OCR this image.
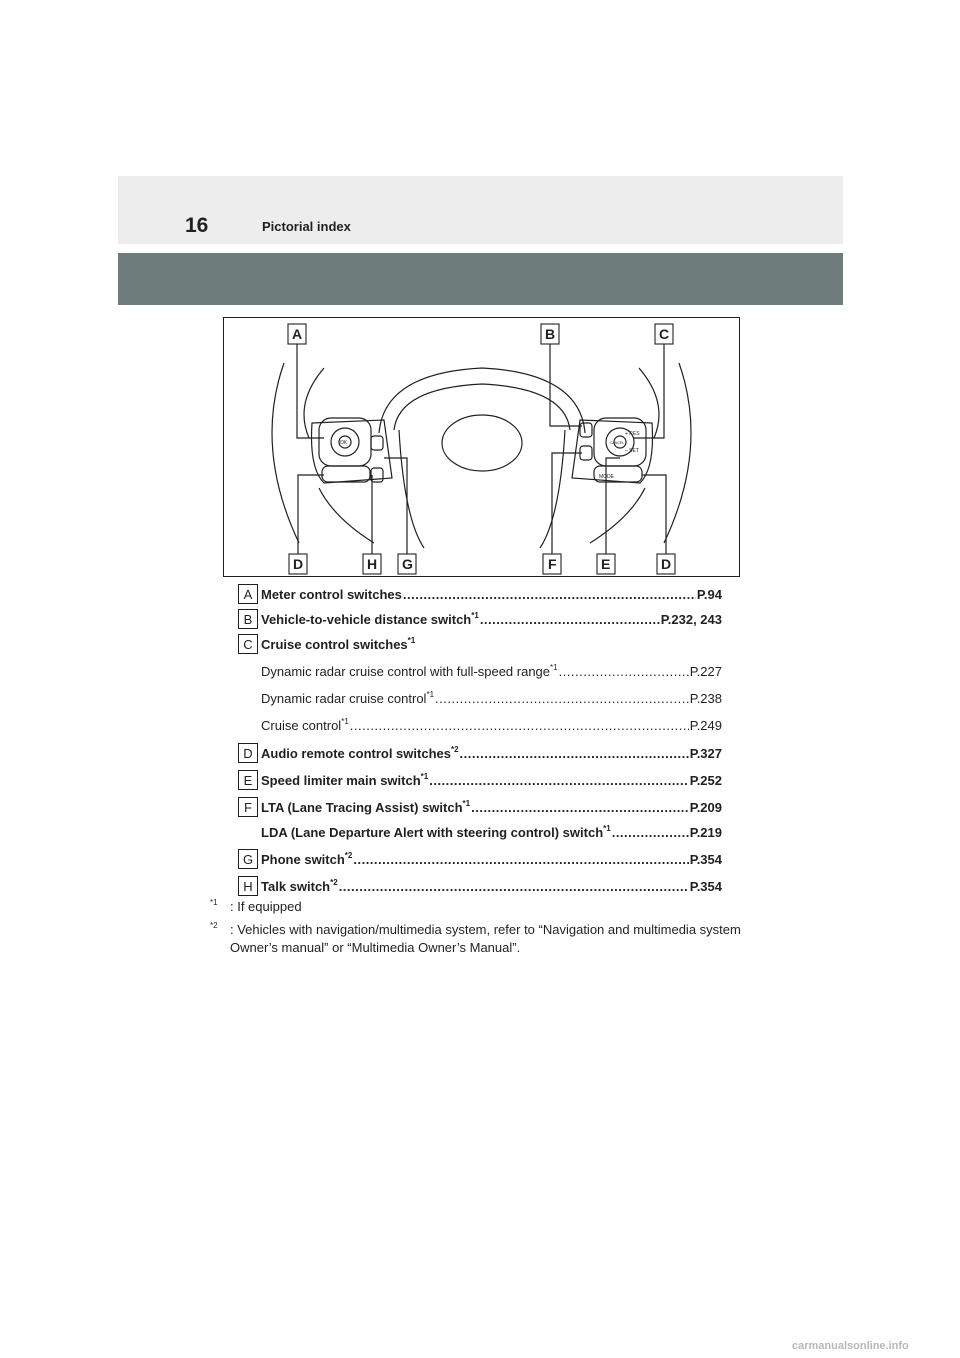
16	Pictorial index
OK
+ RES
– SET
MODE
CANCEL
A	B	C
D	H G	F	E	D
A Meter control switches .....	P.94
B Vehicle-to-vehicle distance switch$^{*1}$ .....	P.232, 243
C Cruise control switches$^{*1}$
Dynamic radar cruise control with full-speed range$^{*1}$ .....	P.227
Dynamic radar cruise control$^{*1}$ .....	P.238
Cruise control$^{*1}$ .....	P.249
D Audio remote control switches$^{*2}$ .....	P.327
E Speed limiter main switch$^{*1}$ .....	P.252
F LTA (Lane Tracing Assist) switch$^{*1}$ .....	P.209
LDA (Lane Departure Alert with steering control) switch$^{*1}$ .....	P.219
G Phone switch$^{*2}$ .....	P.354
H Talk switch$^{*2}$ .....	P.354
$^{*1}$ : If equipped
$^{*2}$ : Vehicles with navigation/multimedia system, refer to “Navigation and multimedia system Owner’s manual” or “Multimedia Owner’s Manual”.
carmanualsonline.info
